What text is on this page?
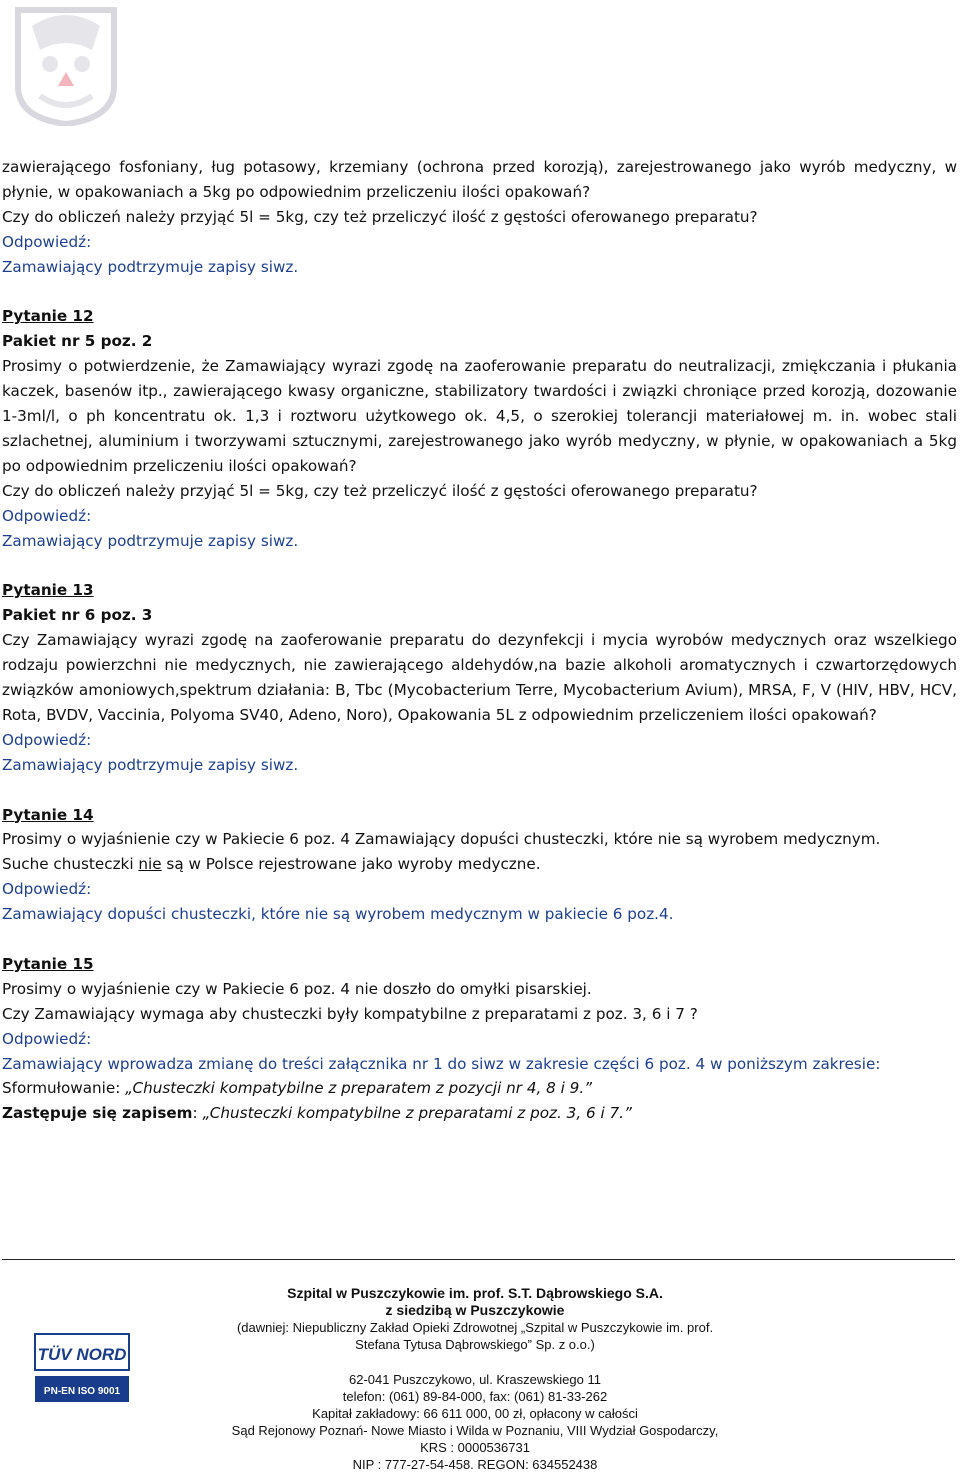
zawierającego fosfoniany, ług potasowy, krzemiany (ochrona przed korozją), zarejestrowanego jako wyrób medyczny, w płynie, w opakowaniach a 5kg po odpowiednim przeliczeniu ilości opakowań?

Czy do obliczeń należy przyjąć 5l = 5kg, czy też przeliczyć ilość z gęstości oferowanego preparatu?

Odpowiedź:

Zamawiający podtrzymuje zapisy siwz.

Pytanie 12

Pakiet nr 5 poz. 2

Prosimy o potwierdzenie, że Zamawiający wyrazi zgodę na zaoferowanie preparatu do neutralizacji, zmiękczania i płukania kaczek, basenów itp., zawierającego kwasy organiczne, stabilizatory twardości i związki chroniące przed korozją, dozowanie 1-3ml/l, o ph koncentratu ok. 1,3 i roztworu użytkowego ok. 4,5, o szerokiej tolerancji materiałowej m. in. wobec stali szlachetnej, aluminium i tworzywami sztucznymi, zarejestrowanego jako wyrób medyczny, w płynie, w opakowaniach a 5kg po odpowiednim przeliczeniu ilości opakowań?

Czy do obliczeń należy przyjąć 5l = 5kg, czy też przeliczyć ilość z gęstości oferowanego preparatu?

Odpowiedź:

Zamawiający podtrzymuje zapisy siwz.

Pytanie 13

Pakiet nr 6 poz. 3

Czy Zamawiający wyrazi zgodę na zaoferowanie preparatu do dezynfekcji i mycia wyrobów medycznych oraz wszelkiego rodzaju powierzchni nie medycznych, nie zawierającego aldehydów,na bazie alkoholi aromatycznych i czwartorzędowych związków amoniowych,spektrum działania: B, Tbc (Mycobacterium Terre, Mycobacterium Avium), MRSA, F, V (HIV, HBV, HCV, Rota, BVDV, Vaccinia, Polyoma SV40, Adeno, Noro), Opakowania 5L z odpowiednim przeliczeniem ilości opakowań?

Odpowiedź:

Zamawiający podtrzymuje zapisy siwz.

Pytanie 14

Prosimy o wyjaśnienie czy w Pakiecie 6 poz. 4 Zamawiający dopuści chusteczki, które nie są wyrobem medycznym.

Suche chusteczki nie są w Polsce rejestrowane jako wyroby medyczne.

Odpowiedź:

Zamawiający dopuści chusteczki, które nie są wyrobem medycznym w pakiecie 6 poz.4.

Pytanie 15

Prosimy o wyjaśnienie czy w Pakiecie 6 poz. 4 nie doszło do omyłki pisarskiej.

Czy Zamawiający wymaga aby chusteczki były kompatybilne z preparatami z poz. 3, 6 i 7 ?

Odpowiedź:

Zamawiający wprowadza zmianę do treści załącznika nr 1 do siwz w zakresie części 6 poz. 4 w poniższym zakresie:

Sformułowanie: „Chusteczki kompatybilne z preparatem z pozycji nr 4, 8 i 9.”

Zastępuje się zapisem: „Chusteczki kompatybilne z preparatami z poz. 3, 6 i 7.”

TÜV NORD
PN-EN ISO 9001
Szpital w Puszczykowie im. prof. S.T. Dąbrowskiego S.A.
z siedzibą w Puszczykowie
(dawniej: Niepubliczny Zakład Opieki Zdrowotnej „Szpital w Puszczykowie im. prof.
Stefana Tytusa Dąbrowskiego” Sp. z o.o.)
62-041 Puszczykowo, ul. Kraszewskiego 11
telefon: (061) 89-84-000, fax: (061) 81-33-262
Kapitał zakładowy: 66 611 000, 00 zł, opłacony w całości
Sąd Rejonowy Poznań- Nowe Miasto i Wilda w Poznaniu, VIII Wydział Gospodarczy,
KRS : 0000536731
NIP : 777-27-54-458. REGON: 634552438
